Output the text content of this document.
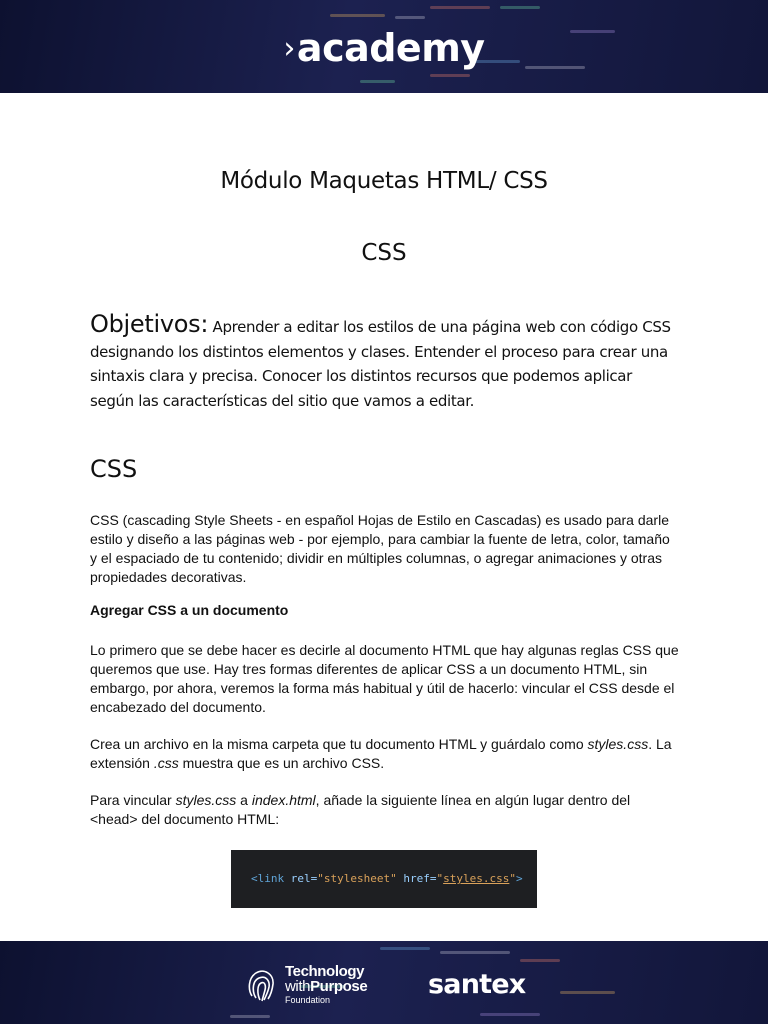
›academy
Módulo Maquetas HTML/ CSS
CSS
Objetivos: Aprender a editar los estilos de una página web con código CSS designando los distintos elementos y clases. Entender el proceso para crear una sintaxis clara y precisa. Conocer los distintos recursos que podemos aplicar según las características del sitio que vamos a editar.
CSS
CSS (cascading Style Sheets - en español Hojas de Estilo en Cascadas) es usado para darle estilo y diseño a las páginas web - por ejemplo, para cambiar la fuente de letra, color, tamaño y el espaciado de tu contenido; dividir en múltiples columnas, o agregar animaciones y otras propiedades decorativas.
Agregar CSS a un documento
Lo primero que se debe hacer es decirle al documento HTML que hay algunas reglas CSS que queremos que use. Hay tres formas diferentes de aplicar CSS a un documento HTML, sin embargo, por ahora, veremos la forma más habitual y útil de hacerlo: vincular el CSS desde el encabezado del documento.
Crea un archivo en la misma carpeta que tu documento HTML y guárdalo como styles.css. La extensión .css muestra que es un archivo CSS.
Para vincular styles.css a index.html, añade la siguiente línea en algún lugar dentro del <head> del documento HTML:
<link rel="stylesheet" href="styles.css">
Technology
withPurpose
Foundation	santex
